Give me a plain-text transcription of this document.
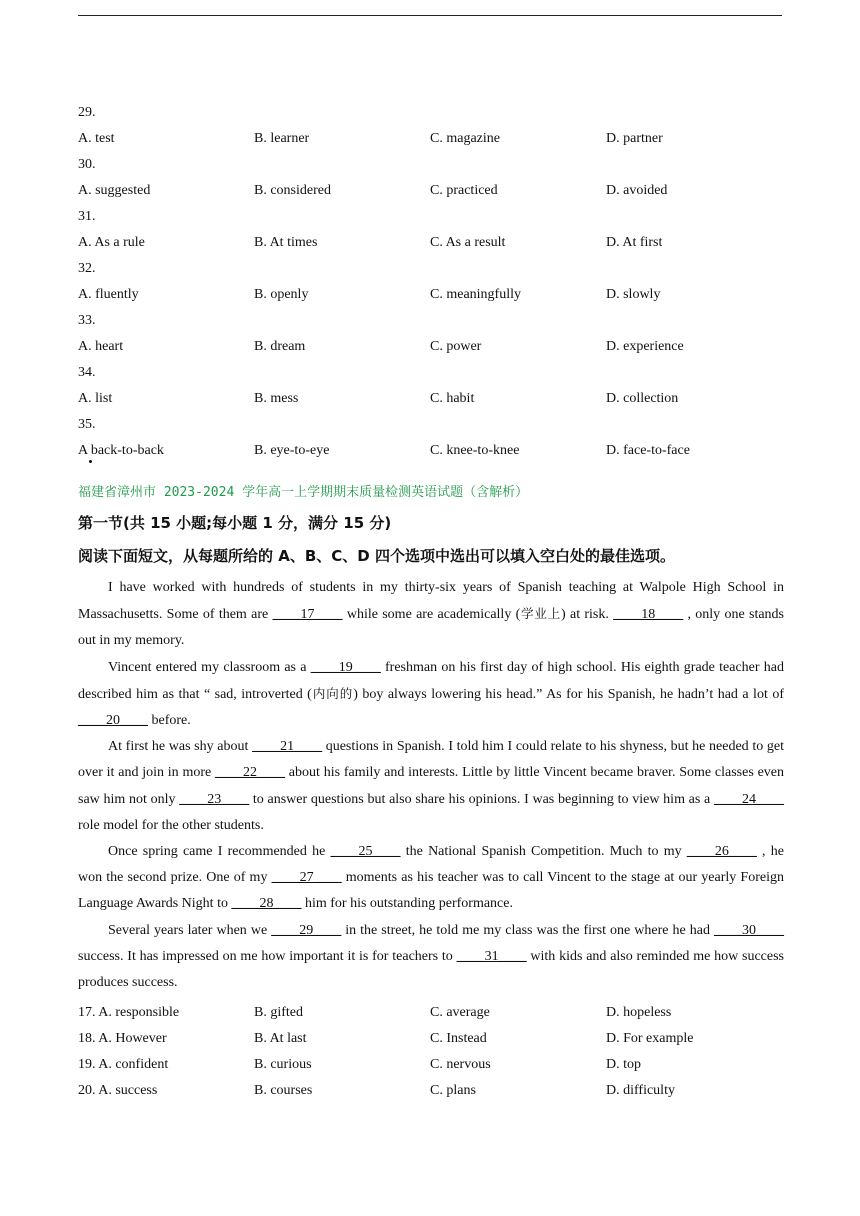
29.
A. test	B. learner	C. magazine	D. partner
30.
A. suggested	B. considered	C. practiced	D. avoided
31.
A. As a rule	B. At times	C. As a result	D. At first
32.
A. fluently	B. openly	C. meaningfully	D. slowly
33.
A. heart	B. dream	C. power	D. experience
34.
A. list	B. mess	C. habit	D. collection
35.
A back-to-back	B. eye-to-eye	C. knee-to-knee	D. face-to-face
福建省漳州市 2023-2024 学年高一上学期期末质量检测英语试题（含解析）
第一节(共 15 小题;每小题 1 分，满分 15 分)
阅读下面短文，从每题所给的 A、B、C、D 四个选项中选出可以填入空白处的最佳选项。

I have worked with hundreds of students in my thirty-six years of Spanish teaching at Walpole High School in Massachusetts. Some of them are ____17____ while some are academically (学业上) at risk. ____18____ , only one stands out in my memory.

Vincent entered my classroom as a ____19____ freshman on his first day of high school. His eighth grade teacher had described him as that “ sad, introverted (内向的) boy always lowering his head.” As for his Spanish, he hadn’t had a lot of ____20____ before.

At first he was shy about ____21____ questions in Spanish. I told him I could relate to his shyness, but he needed to get over it and join in more ____22____ about his family and interests. Little by little Vincent became braver. Some classes even saw him not only ____23____ to answer questions but also share his opinions. I was beginning to view him as a ____24____ role model for the other students.

Once spring came I recommended he ____25____ the National Spanish Competition. Much to my ____26____ , he won the second prize. One of my ____27____ moments as his teacher was to call Vincent to the stage at our yearly Foreign Language Awards Night to ____28____ him for his outstanding performance.

Several years later when we ____29____ in the street, he told me my class was the first one where he had ____30____ success. It has impressed on me how important it is for teachers to ____31____ with kids and also reminded me how success produces success.

17. A. responsible	B. gifted	C. average	D. hopeless
18. A. However	B. At last	C. Instead	D. For example
19. A. confident	B. curious	C. nervous	D. top
20. A. success	B. courses	C. plans	D. difficulty
